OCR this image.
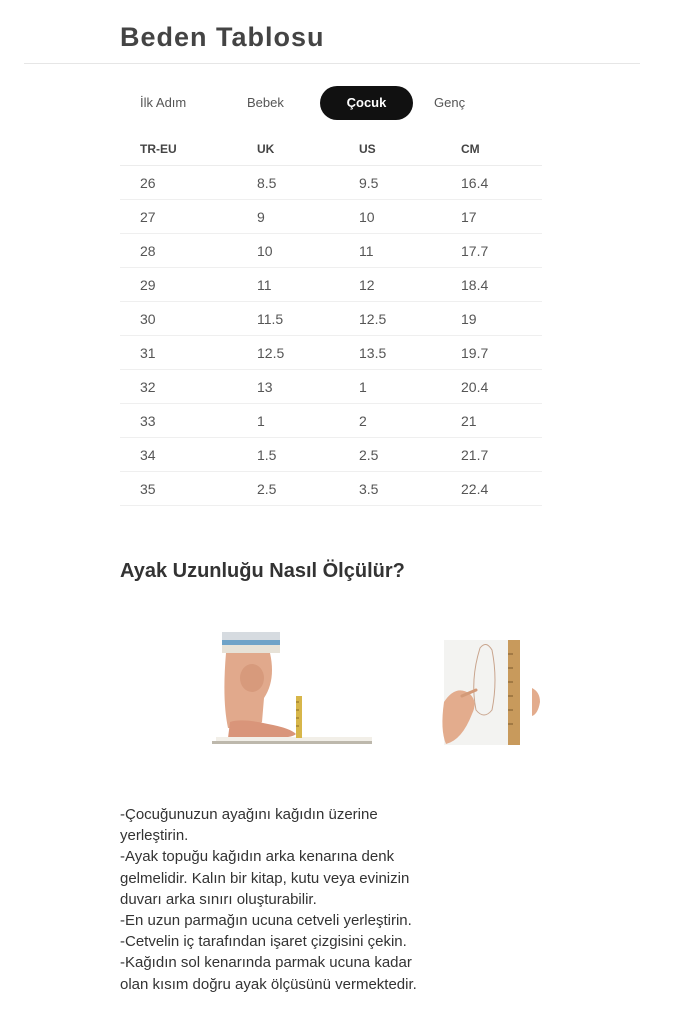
Beden Tablosu
İlk Adım	Bebek	Çocuk	Genç
TR-EU	UK	US	CM
26	8.5	9.5	16.4
27	9	10	17
28	10	11	17.7
29	11	12	18.4
30	11.5	12.5	19
31	12.5	13.5	19.7
32	13	1	20.4
33	1	2	21
34	1.5	2.5	21.7
35	2.5	3.5	22.4
Ayak Uzunluğu Nasıl Ölçülür?

-Çocuğunuzun ayağını kağıdın üzerine

yerleştirin.

-Ayak topuğu kağıdın arka kenarına denk

gelmelidir. Kalın bir kitap, kutu veya evinizin

duvarı arka sınırı oluşturabilir.

-En uzun parmağın ucuna cetveli yerleştirin.

-Cetvelin iç tarafından işaret çizgisini çekin.

-Kağıdın sol kenarında parmak ucuna kadar

olan kısım doğru ayak ölçüsünü vermektedir.
